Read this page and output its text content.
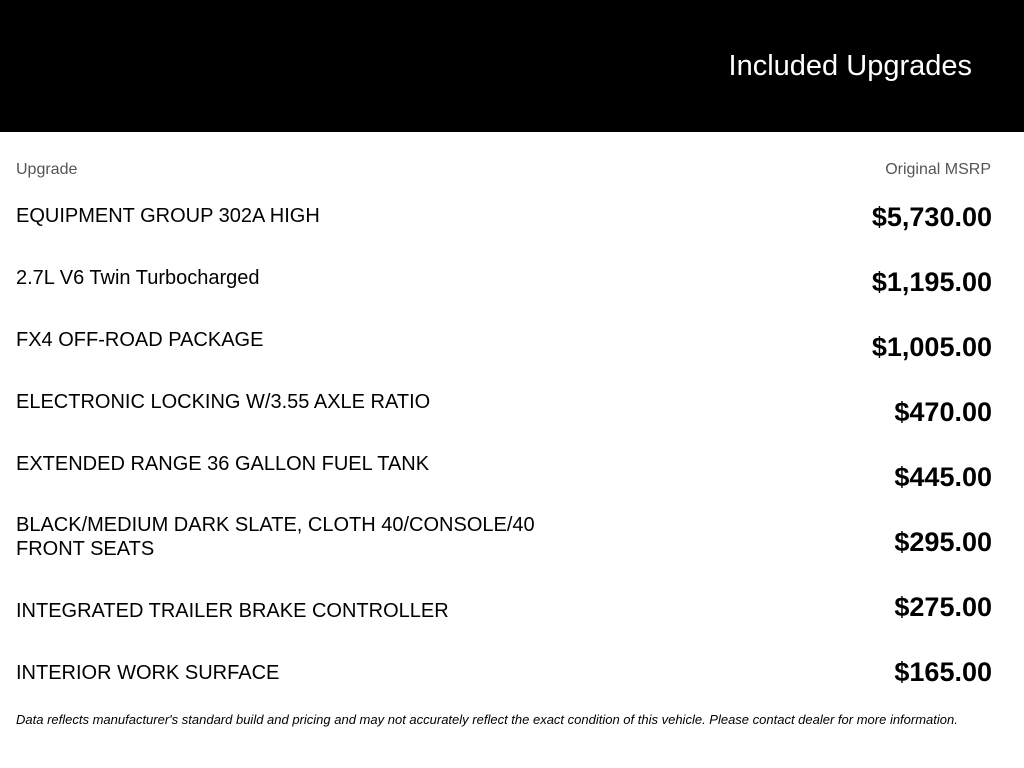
Included Upgrades
Upgrade	Original MSRP
EQUIPMENT GROUP 302A HIGH	$5,730.00
2.7L V6 Twin Turbocharged	$1,195.00
FX4 OFF-ROAD PACKAGE	$1,005.00
ELECTRONIC LOCKING W/3.55 AXLE RATIO	$470.00
EXTENDED RANGE 36 GALLON FUEL TANK	$445.00
BLACK/MEDIUM DARK SLATE, CLOTH 40/CONSOLE/40 FRONT SEATS	$295.00
INTEGRATED TRAILER BRAKE CONTROLLER	$275.00
INTERIOR WORK SURFACE	$165.00
Data reflects manufacturer's standard build and pricing and may not accurately reflect the exact condition of this vehicle. Please contact dealer for more information.
